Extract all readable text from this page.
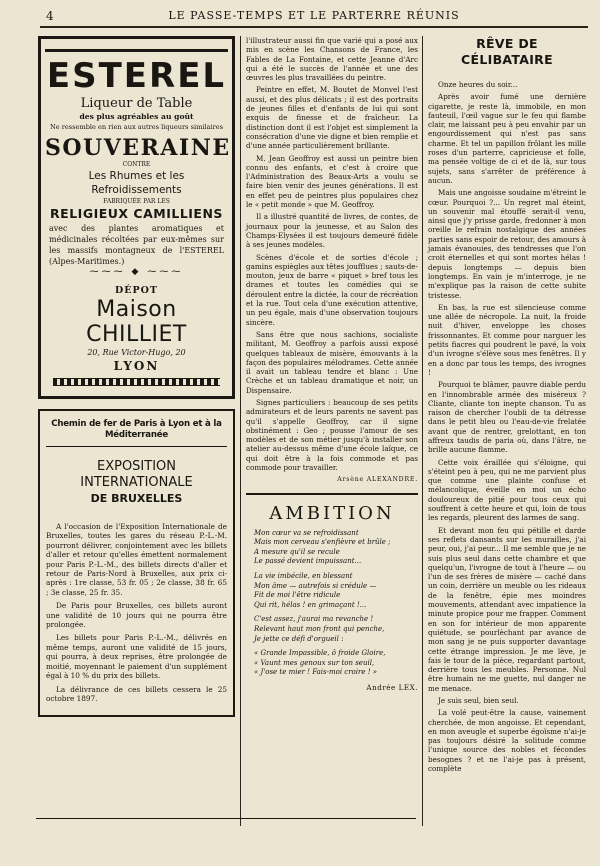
4	LE PASSE-TEMPS ET LE PARTERRE RÉUNIS
ESTEREL
Liqueur de Table
des plus agréables au goût
Ne ressemble en rien aux autres liqueurs similaires
SOUVERAINE
CONTRE
Les Rhumes et les Refroidissements
FABRIQUÉE PAR LES
RELIGIEUX CAMILLIENS
avec des plantes aromatiques et médicinales récoltées par eux-mêmes sur les massifs montagneux de l'ESTEREL (Alpes-Maritimes.)
⁓⁓⁓ ◆ ⁓⁓⁓
DÉPOT
Maison CHILLIET
20, Rue Victor-Hugo, 20
LYON
Chemin de fer de Paris à Lyon et à la Méditerranée
EXPOSITION INTERNATIONALE
DE BRUXELLES

A l'occasion de l'Exposition Internationale de Bruxelles, toutes les gares du réseau P.-L.-M. pourront délivrer, conjointement avec les billets d'aller et retour qu'elles émettent normalement pour Paris P.-L.-M., des billets directs d'aller et retour de Paris-Nord à Bruxelles, aux prix ci-après : 1re classe, 53 fr. 05 ; 2e classe, 38 fr. 65 ; 3e classe, 25 fr. 35.

De Paris pour Bruxelles, ces billets auront une validité de 10 jours qui ne pourra être prolongée.

Les billets pour Paris P.-L.-M., délivrés en même temps, auront une validité de 15 jours, qui pourra, à deux reprises, être prolongée de moitié, moyennant le paiement d'un supplément égal à 10 % du prix des billets.

La délivrance de ces billets cessera le 25 octobre 1897.

l'illustrateur aussi fin que varié qui a posé aux mis en scène les Chansons de France, les Fables de La Fontaine, et cette Jeanne d'Arc qui a été le succès de l'année et une des œuvres les plus travaillées du peintre.

Peintre en effet, M. Boutet de Monvel l'est aussi, et des plus délicats ; il est des portraits de jeunes filles et d'enfants de lui qui sont exquis de finesse et de fraîcheur. La distinction dont il est l'objet est simplement la consécration d'une vie digne et bien remplie et d'une année particulièrement brillante.

M. Jean Geoffroy est aussi un peintre bien connu des enfants, et c'est à croire que l'Administration des Beaux-Arts a voulu se faire bien venir des jeunes générations. Il est en effet peu de peintres plus populaires chez le « petit monde » que M. Geoffroy.

Il a illustré quantité de livres, de contes, de journaux pour la jeunesse, et au Salon des Champs-Elysées il est toujours demeuré fidèle à ses jeunes modèles.

Scènes d'école et de sorties d'école ; gamins espiègles aux têtes joufflues ; sauts-de-mouton, jeux de barre « piquet » bref tous les drames et toutes les comédies qui se déroulent entre la dictée, la cour de récréation et la rue. Tout cela d'une exécution attentive, un peu égale, mais d'une observation toujours sincère.

Sans être que nous sachions, socialiste militant, M. Geoffroy a parfois aussi exposé quelques tableaux de misère, émouvants à la façon des populaires mélodrames. Cette année il avait un tableau tendre et blanc : Une Crèche et un tableau dramatique et noir, un Dispensaire.

Signes particuliers : beaucoup de ses petits admirateurs et de leurs parents ne savent pas qu'il s'appelle Geoffroy, car il signe obstinément : Geo ; pousse l'amour de ses modèles et de son métier jusqu'à installer son atelier au-dessus même d'une école laïque, ce qui doit être à la fois commode et pas commode pour travailler.

Arsène ALEXANDRE.
AMBITION
Mon cœur va se refroidissant
Mais mon cerveau s'enfièvre et brûle ;
A mesure qu'il se recule
Le passé devient impuissant...
La vie imbécile, en blessant
Mon âme — autrefois si crédule —
Fit de moi l'être ridicule
Qui rit, hélas ! en grimaçant !...
C'est assez, j'aurai ma revanche !
Relevant haut mon front qui penche,
Je jette ce défi d'orgueil :
« Grande Impassible, ô froide Gloire,
« Vaunt mes genoux sur ton seuil,
« J'ose te mier ! Fais-moi croire ! »
Andrée LEX.
RÊVE DE CÉLIBATAIRE

Onze heures du soir...

Après avoir fumé une dernière cigarette, je reste là, immobile, en mon fauteuil, l'œil vague sur le feu qui flambe clair, me laissant peu à peu envahir par un engourdissement qui n'est pas sans charme. Et tel un papillon frôlant les mille roses d'un parterre, capricieuse et folle, ma pensée voltige de ci et de là, sur tous sujets, sans s'arrêter de préférence à aucun.

Mais une angoisse soudaine m'étreint le cœur. Pourquoi ?... Un regret mal éteint, un souvenir mal étouffé serait-il venu, ainsi que j'y prisse garde, fredonner à mon oreille le refrain nostalgique des années parties sans espoir de retour, des amours à jamais évanouies, des tendresses que l'on croit éternelles et qui sont mortes hélas ! depuis longtemps — depuis bien longtemps. En vain je m'interroge, je ne m'explique pas la raison de cette subite tristesse.

En bas, la rue est silencieuse comme une allée de nécropole. La nuit, la froide nuit d'hiver, enveloppe les choses frissonnantes. Et comme pour narguer les petits fiacres qui poudrent le pavé, la voix d'un ivrogne s'élève sous mes fenêtres. Il y en a donc par tous les temps, des ivrognes !

Pourquoi te blâmer, pauvre diable perdu en l'innombrable armée des miséreux ? Cliante, cliante ton inepte chanson. Tu as raison de chercher l'oubli de ta détresse dans le petit bleu ou l'eau-de-vie frelatée avant que de rentrer, grelottant, en ton affreux taudis de paria où, dans l'âtre, ne brille aucune flamme.

Cette voix éraillée qui s'éloigne, qui s'éteint peu à peu, qui ne me parvient plus que comme une plainte confuse et mélancolique, éveille en moi un écho douloureux de pitié pour tous ceux qui souffrent à cette heure et qui, loin de tous les regards, pleurent des larmes de sang.

Et devant mon feu qui pétille et darde ses reflets dansants sur les murailles, j'ai peur, oui, j'ai peur... Il me semble que je ne suis plus seul dans cette chambre et que quelqu'un, l'ivrogne de tout à l'heure — ou l'un de ses frères de misère — caché dans un coin, derrière un meuble ou les rideaux de la fenêtre, épie mes moindres mouvements, attendant avec impatience la minute propice pour me frapper. Comment en son for intérieur de mon apparente quiétude, se pourlèchant par avance de mon sang je ne puis supporter davantage cette étrange impression. Je me lève, je fais le tour de la pièce, regardant partout, derrière tous les meubles. Personne. Nul être humain ne me guette, nul danger ne me menace.

Je suis seul, bien seul.

La volé peut-être la cause, vainement cherchée, de mon angoisse. Et cependant, en mon aveugle et superbe égoïsme n'ai-je pas toujours désiré la solitude comme l'unique source des nobles et fécondes besognes ? et ne l'ai-je pas à présent, complète
